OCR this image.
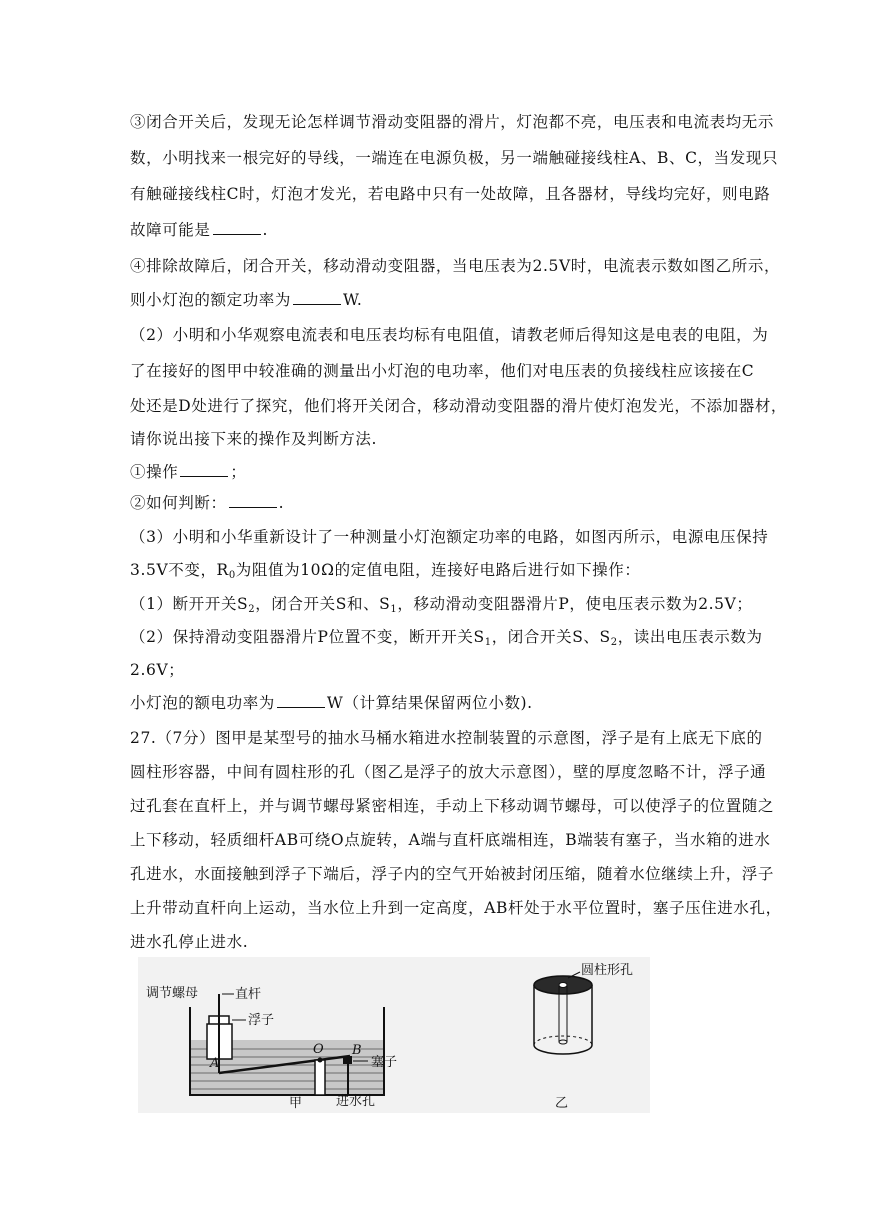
③闭合开关后，发现无论怎样调节滑动变阻器的滑片，灯泡都不亮，电压表和电流表均无示
数，小明找来一根完好的导线，一端连在电源负极，另一端触碰接线柱A、B、C，当发现只
有触碰接线柱C时，灯泡才发光，若电路中只有一处故障，且各器材，导线均完好，则电路
故障可能是	.
④排除故障后，闭合开关，移动滑动变阻器，当电压表为2.5V时，电流表示数如图乙所示，
则小灯泡的额定功率为	W.
（2）小明和小华观察电流表和电压表均标有电阻值，请教老师后得知这是电表的电阻，为
了在接好的图甲中较准确的测量出小灯泡的电功率，他们对电压表的负接线柱应该接在C
处还是D处进行了探究，他们将开关闭合，移动滑动变阻器的滑片使灯泡发光，不添加器材，
请你说出接下来的操作及判断方法.
①操作	；
②如何判断：	.
（3）小明和小华重新设计了一种测量小灯泡额定功率的电路，如图丙所示，电源电压保持
3.5V不变，$R_0$为阻值为10Ω的定值电阻，连接好电路后进行如下操作：
（1）断开开关$S_2$，闭合开关S和、$S_1$，移动滑动变阻器滑片P，使电压表示数为2.5V；
（2）保持滑动变阻器滑片P位置不变，断开开关$S_1$，闭合开关S、$S_2$，读出电压表示数为
2.6V；
小灯泡的额电功率为	W（计算结果保留两位小数).
27.（7分）图甲是某型号的抽水马桶水箱进水控制装置的示意图，浮子是有上底无下底的
圆柱形容器，中间有圆柱形的孔（图乙是浮子的放大示意图），壁的厚度忽略不计，浮子通
过孔套在直杆上，并与调节螺母紧密相连，手动上下移动调节螺母，可以使浮子的位置随之
上下移动，轻质细杆AB可绕O点旋转，A端与直杆底端相连，B端装有塞子，当水箱的进水
孔进水，水面接触到浮子下端后，浮子内的空气开始被封闭压缩，随着水位继续上升，浮子
上升带动直杆向上运动，当水位上升到一定高度，AB杆处于水平位置时，塞子压住进水孔，
进水孔停止进水.
调节螺母	直杆
浮子
塞子
进水孔
A
O B
甲
圆柱形孔
乙
